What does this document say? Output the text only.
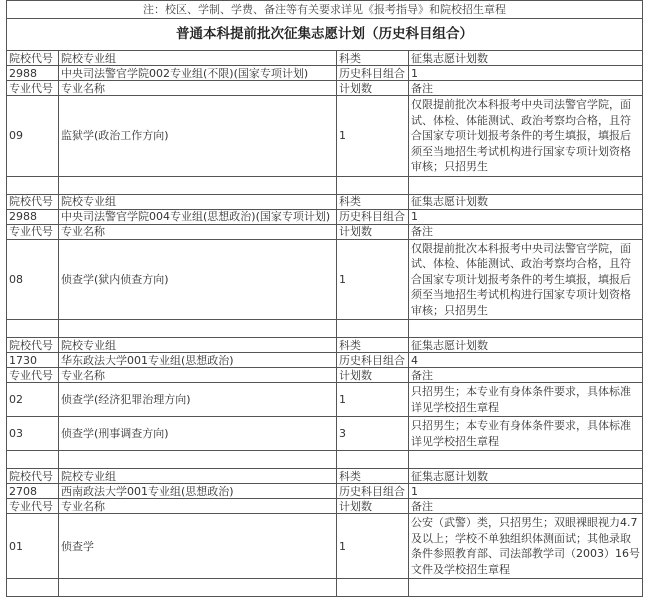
注：校区、学制、学费、备注等有关要求详见《报考指导》和院校招生章程			
普通本科提前批次征集志愿计划（历史科目组合）			
院校代号	院校专业组	科类	征集志愿计划数
2988	中央司法警官学院002专业组(不限)(国家专项计划)	历史科目组合	1
专业代号	专业名称	计划数	备注
09	监狱学(政治工作方向)	1	仅限提前批次本科报考中央司法警官学院，面试、体检、体能测试、政治考察均合格，且符合国家专项计划报考条件的考生填报，填报后须至当地招生考试机构进行国家专项计划资格审核；只招男生

院校代号	院校专业组	科类	征集志愿计划数
2988	中央司法警官学院004专业组(思想政治)(国家专项计划)	历史科目组合	1
专业代号	专业名称	计划数	备注
08	侦查学(狱内侦查方向)	1	仅限提前批次本科报考中央司法警官学院，面试、体检、体能测试、政治考察均合格，且符合国家专项计划报考条件的考生填报，填报后须至当地招生考试机构进行国家专项计划资格审核；只招男生

院校代号	院校专业组	科类	征集志愿计划数
1730	华东政法大学001专业组(思想政治)	历史科目组合	4
专业代号	专业名称	计划数	备注
02	侦查学(经济犯罪治理方向)	1	只招男生；本专业有身体条件要求，具体标准详见学校招生章程
03	侦查学(刑事调查方向)	3	只招男生；本专业有身体条件要求，具体标准详见学校招生章程

院校代号	院校专业组	科类	征集志愿计划数
2708	西南政法大学001专业组(思想政治)	历史科目组合	1
专业代号	专业名称	计划数	备注
01	侦查学	1	公安（武警）类，只招男生；双眼裸眼视力4.7及以上；学校不单独组织体测面试；其他录取条件参照教育部、司法部教学司（2003）16号文件及学校招生章程
